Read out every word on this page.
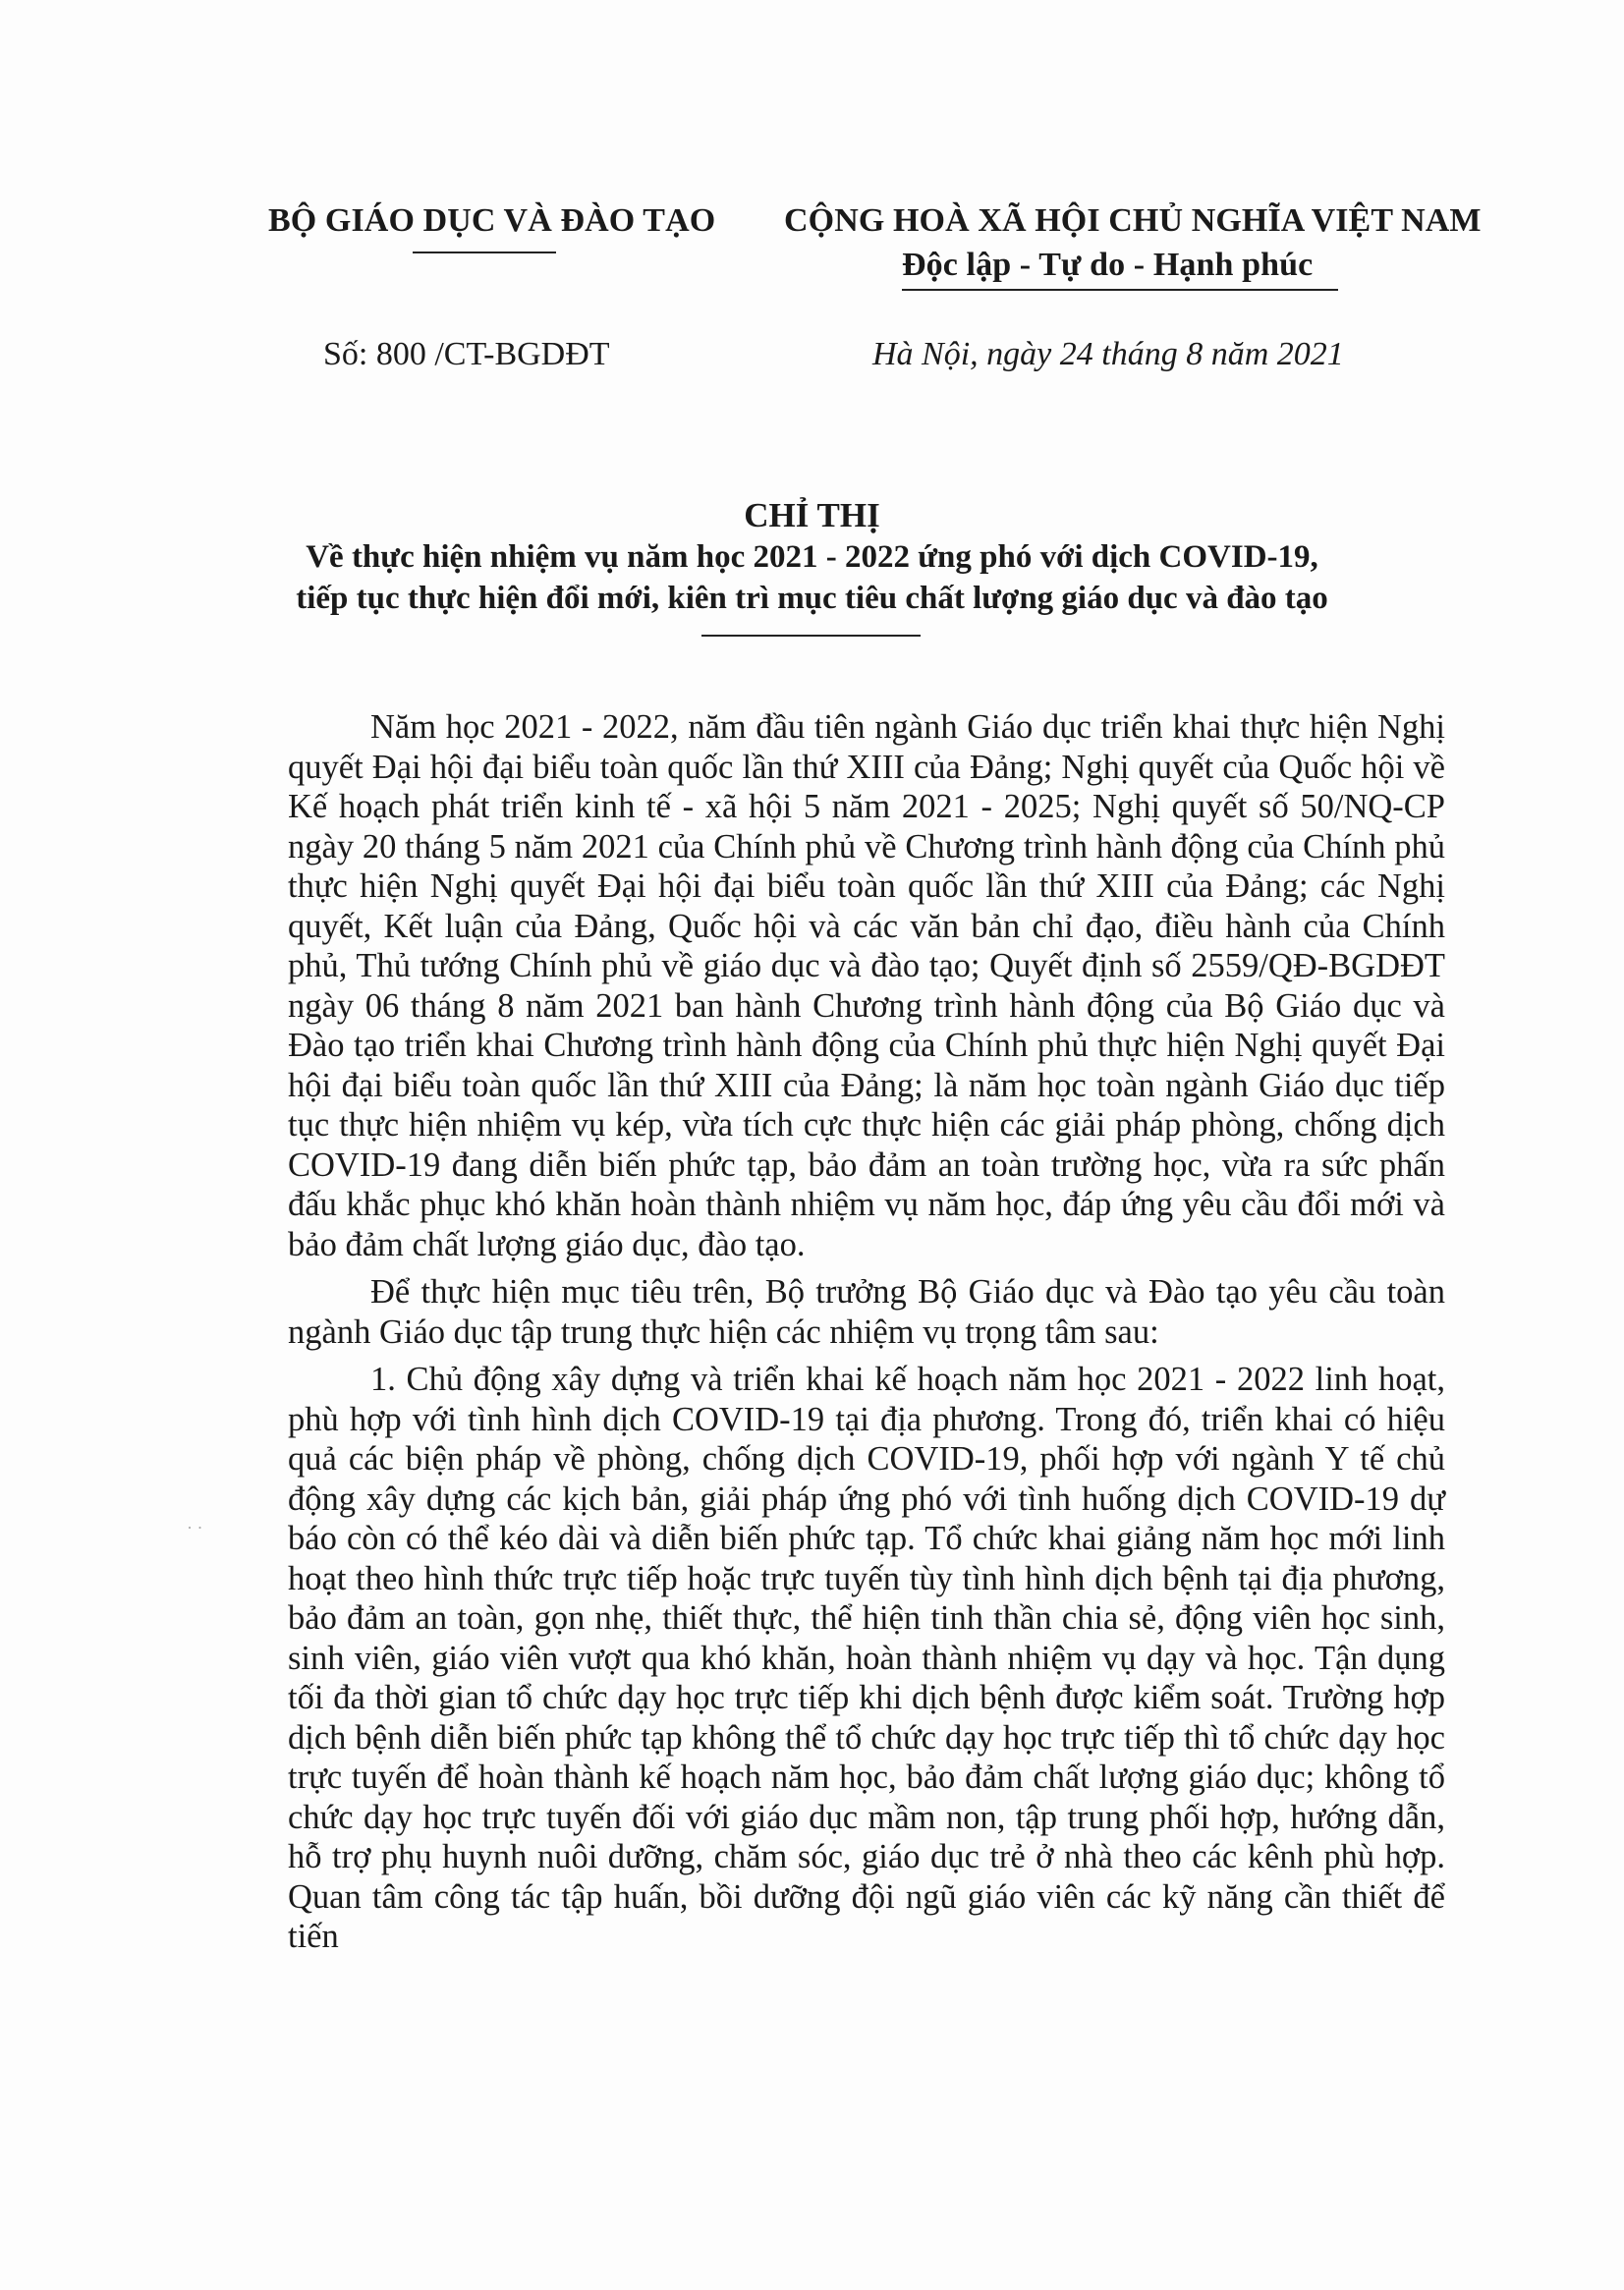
BỘ GIÁO DỤC VÀ ĐÀO TẠO CỘNG HOÀ XÃ HỘI CHỦ NGHĨA VIỆT NAM
Độc lập - Tự do - Hạnh phúc
Số: 800 /CT-BGDĐT	Hà Nội, ngày 24 tháng 8 năm 2021
CHỈ THỊ
Về thực hiện nhiệm vụ năm học 2021 - 2022 ứng phó với dịch COVID-19,
tiếp tục thực hiện đổi mới, kiên trì mục tiêu chất lượng giáo dục và đào tạo

Năm học 2021 - 2022, năm đầu tiên ngành Giáo dục triển khai thực hiện Nghị quyết Đại hội đại biểu toàn quốc lần thứ XIII của Đảng; Nghị quyết của Quốc hội về Kế hoạch phát triển kinh tế - xã hội 5 năm 2021 - 2025; Nghị quyết số 50/NQ-CP ngày 20 tháng 5 năm 2021 của Chính phủ về Chương trình hành động của Chính phủ thực hiện Nghị quyết Đại hội đại biểu toàn quốc lần thứ XIII của Đảng; các Nghị quyết, Kết luận của Đảng, Quốc hội và các văn bản chỉ đạo, điều hành của Chính phủ, Thủ tướng Chính phủ về giáo dục và đào tạo; Quyết định số 2559/QĐ-BGDĐT ngày 06 tháng 8 năm 2021 ban hành Chương trình hành động của Bộ Giáo dục và Đào tạo triển khai Chương trình hành động của Chính phủ thực hiện Nghị quyết Đại hội đại biểu toàn quốc lần thứ XIII của Đảng; là năm học toàn ngành Giáo dục tiếp tục thực hiện nhiệm vụ kép, vừa tích cực thực hiện các giải pháp phòng, chống dịch COVID-19 đang diễn biến phức tạp, bảo đảm an toàn trường học, vừa ra sức phấn đấu khắc phục khó khăn hoàn thành nhiệm vụ năm học, đáp ứng yêu cầu đổi mới và bảo đảm chất lượng giáo dục, đào tạo.

Để thực hiện mục tiêu trên, Bộ trưởng Bộ Giáo dục và Đào tạo yêu cầu toàn ngành Giáo dục tập trung thực hiện các nhiệm vụ trọng tâm sau:

1. Chủ động xây dựng và triển khai kế hoạch năm học 2021 - 2022 linh hoạt, phù hợp với tình hình dịch COVID-19 tại địa phương. Trong đó, triển khai có hiệu quả các biện pháp về phòng, chống dịch COVID-19, phối hợp với ngành Y tế chủ động xây dựng các kịch bản, giải pháp ứng phó với tình huống dịch COVID-19 dự báo còn có thể kéo dài và diễn biến phức tạp. Tổ chức khai giảng năm học mới linh hoạt theo hình thức trực tiếp hoặc trực tuyến tùy tình hình dịch bệnh tại địa phương, bảo đảm an toàn, gọn nhẹ, thiết thực, thể hiện tinh thần chia sẻ, động viên học sinh, sinh viên, giáo viên vượt qua khó khăn, hoàn thành nhiệm vụ dạy và học. Tận dụng tối đa thời gian tổ chức dạy học trực tiếp khi dịch bệnh được kiểm soát. Trường hợp dịch bệnh diễn biến phức tạp không thể tổ chức dạy học trực tiếp thì tổ chức dạy học trực tuyến để hoàn thành kế hoạch năm học, bảo đảm chất lượng giáo dục; không tổ chức dạy học trực tuyến đối với giáo dục mầm non, tập trung phối hợp, hướng dẫn, hỗ trợ phụ huynh nuôi dưỡng, chăm sóc, giáo dục trẻ ở nhà theo các kênh phù hợp. Quan tâm công tác tập huấn, bồi dưỡng đội ngũ giáo viên các kỹ năng cần thiết để tiến

· ·
